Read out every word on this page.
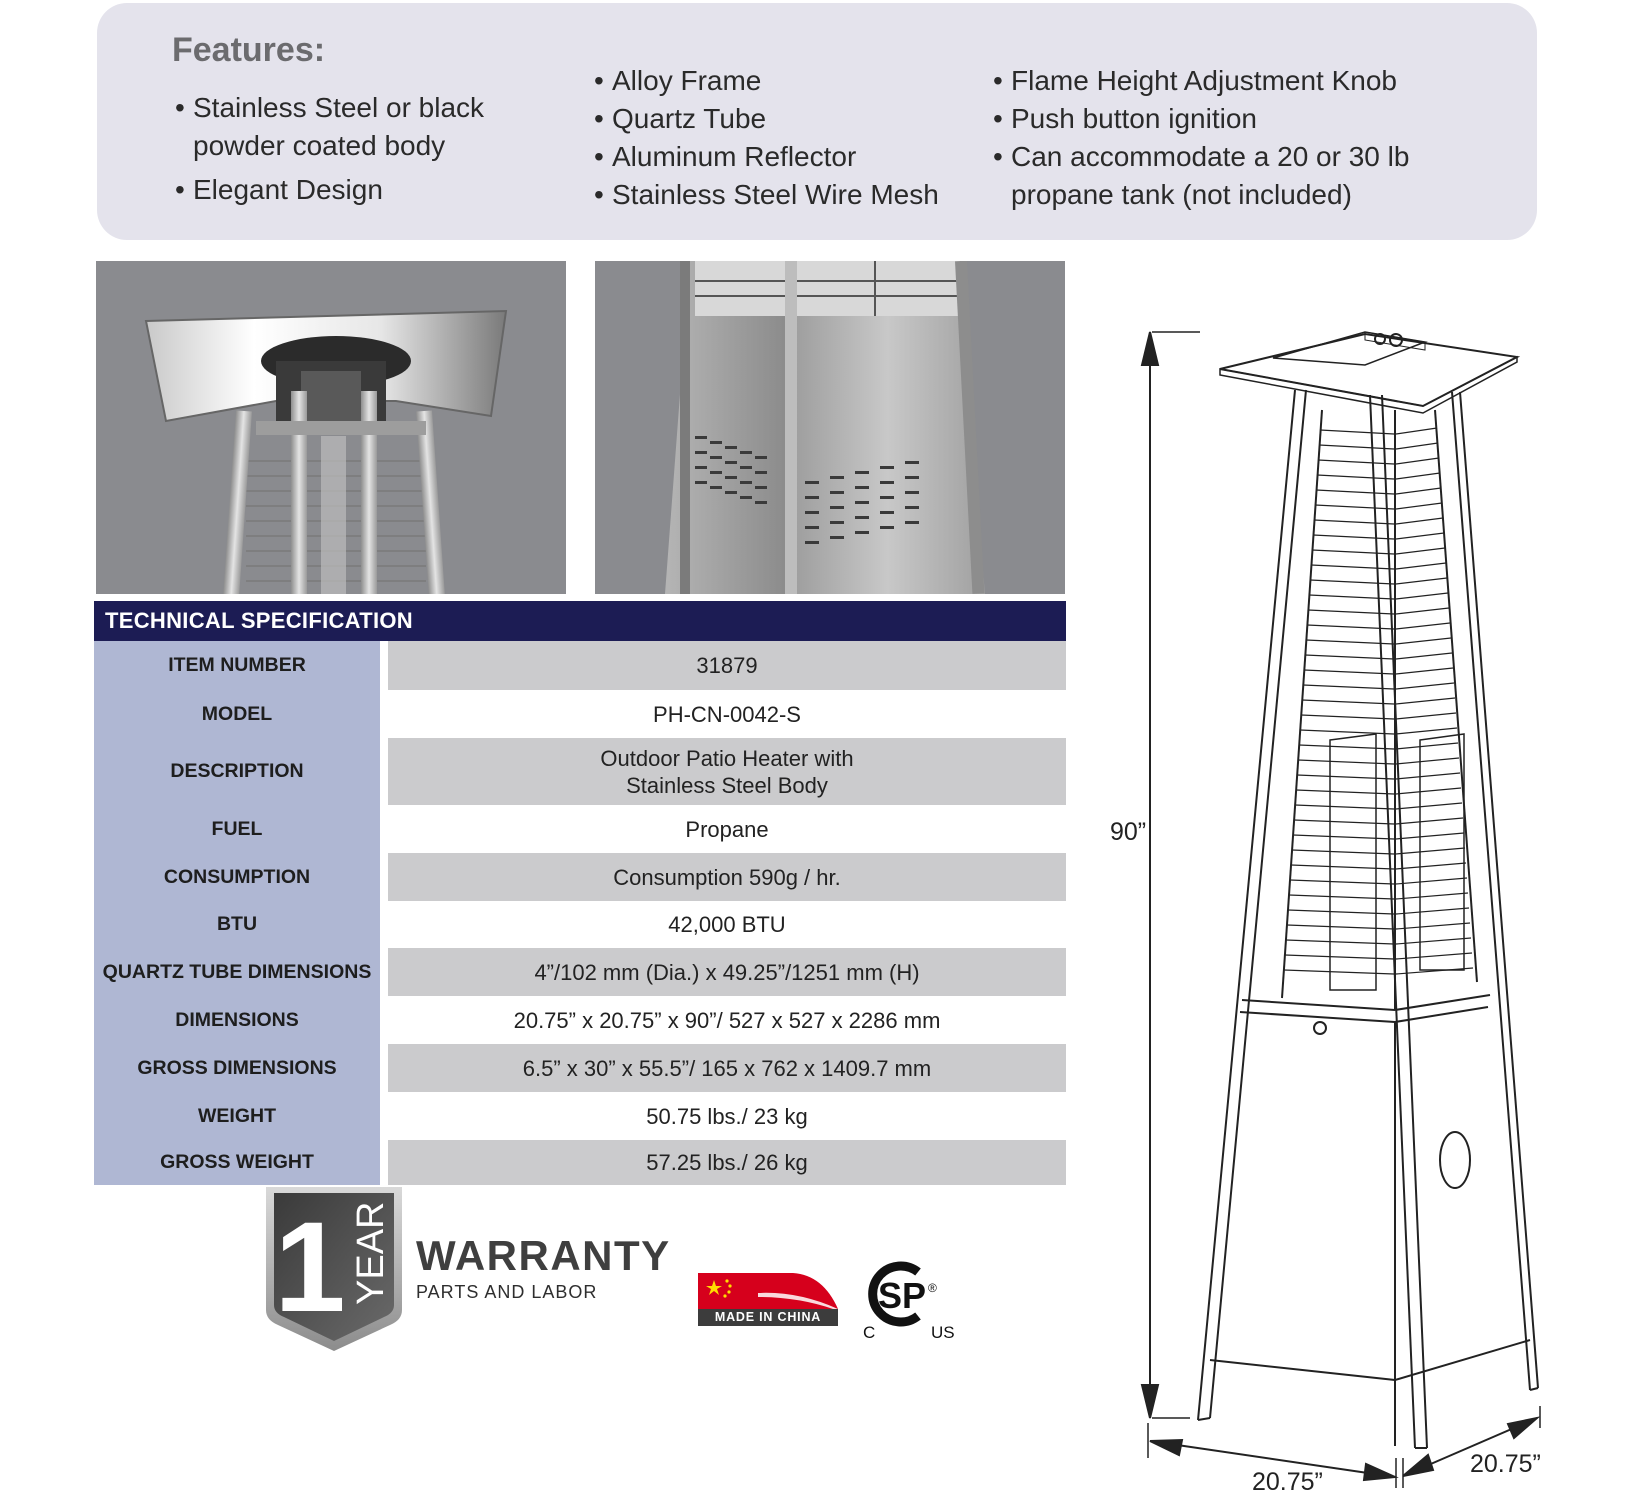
Features:
• Stainless Steel or black powder coated body
• Elegant Design
• Alloy Frame
• Quartz Tube
• Aluminum Reflector
• Stainless Steel Wire Mesh
• Flame Height Adjustment Knob
• Push button ignition
• Can accommodate a 20 or 30 lb propane tank (not included)
TECHNICAL SPECIFICATION
ITEM NUMBER	31879
MODEL	PH-CN-0042-S
DESCRIPTION
Outdoor Patio Heater with
Stainless Steel Body
FUEL	Propane
CONSUMPTION	Consumption 590g / hr.
BTU	42,000 BTU
QUARTZ TUBE DIMENSIONS	4”/102 mm (Dia.) x 49.25”/1251 mm (H)
DIMENSIONS	20.75” x 20.75” x 90”/ 527 x 527 x 2286 mm
GROSS DIMENSIONS	6.5” x 30” x 55.5”/ 165 x 762 x 1409.7 mm
WEIGHT	50.75 lbs./ 23 kg
GROSS WEIGHT	57.25 lbs./ 26 kg
1 YEAR WARRANTY
PARTS AND LABOR
MADE IN CHINA
SP ®
C	US
90”
20.75”
20.75”
